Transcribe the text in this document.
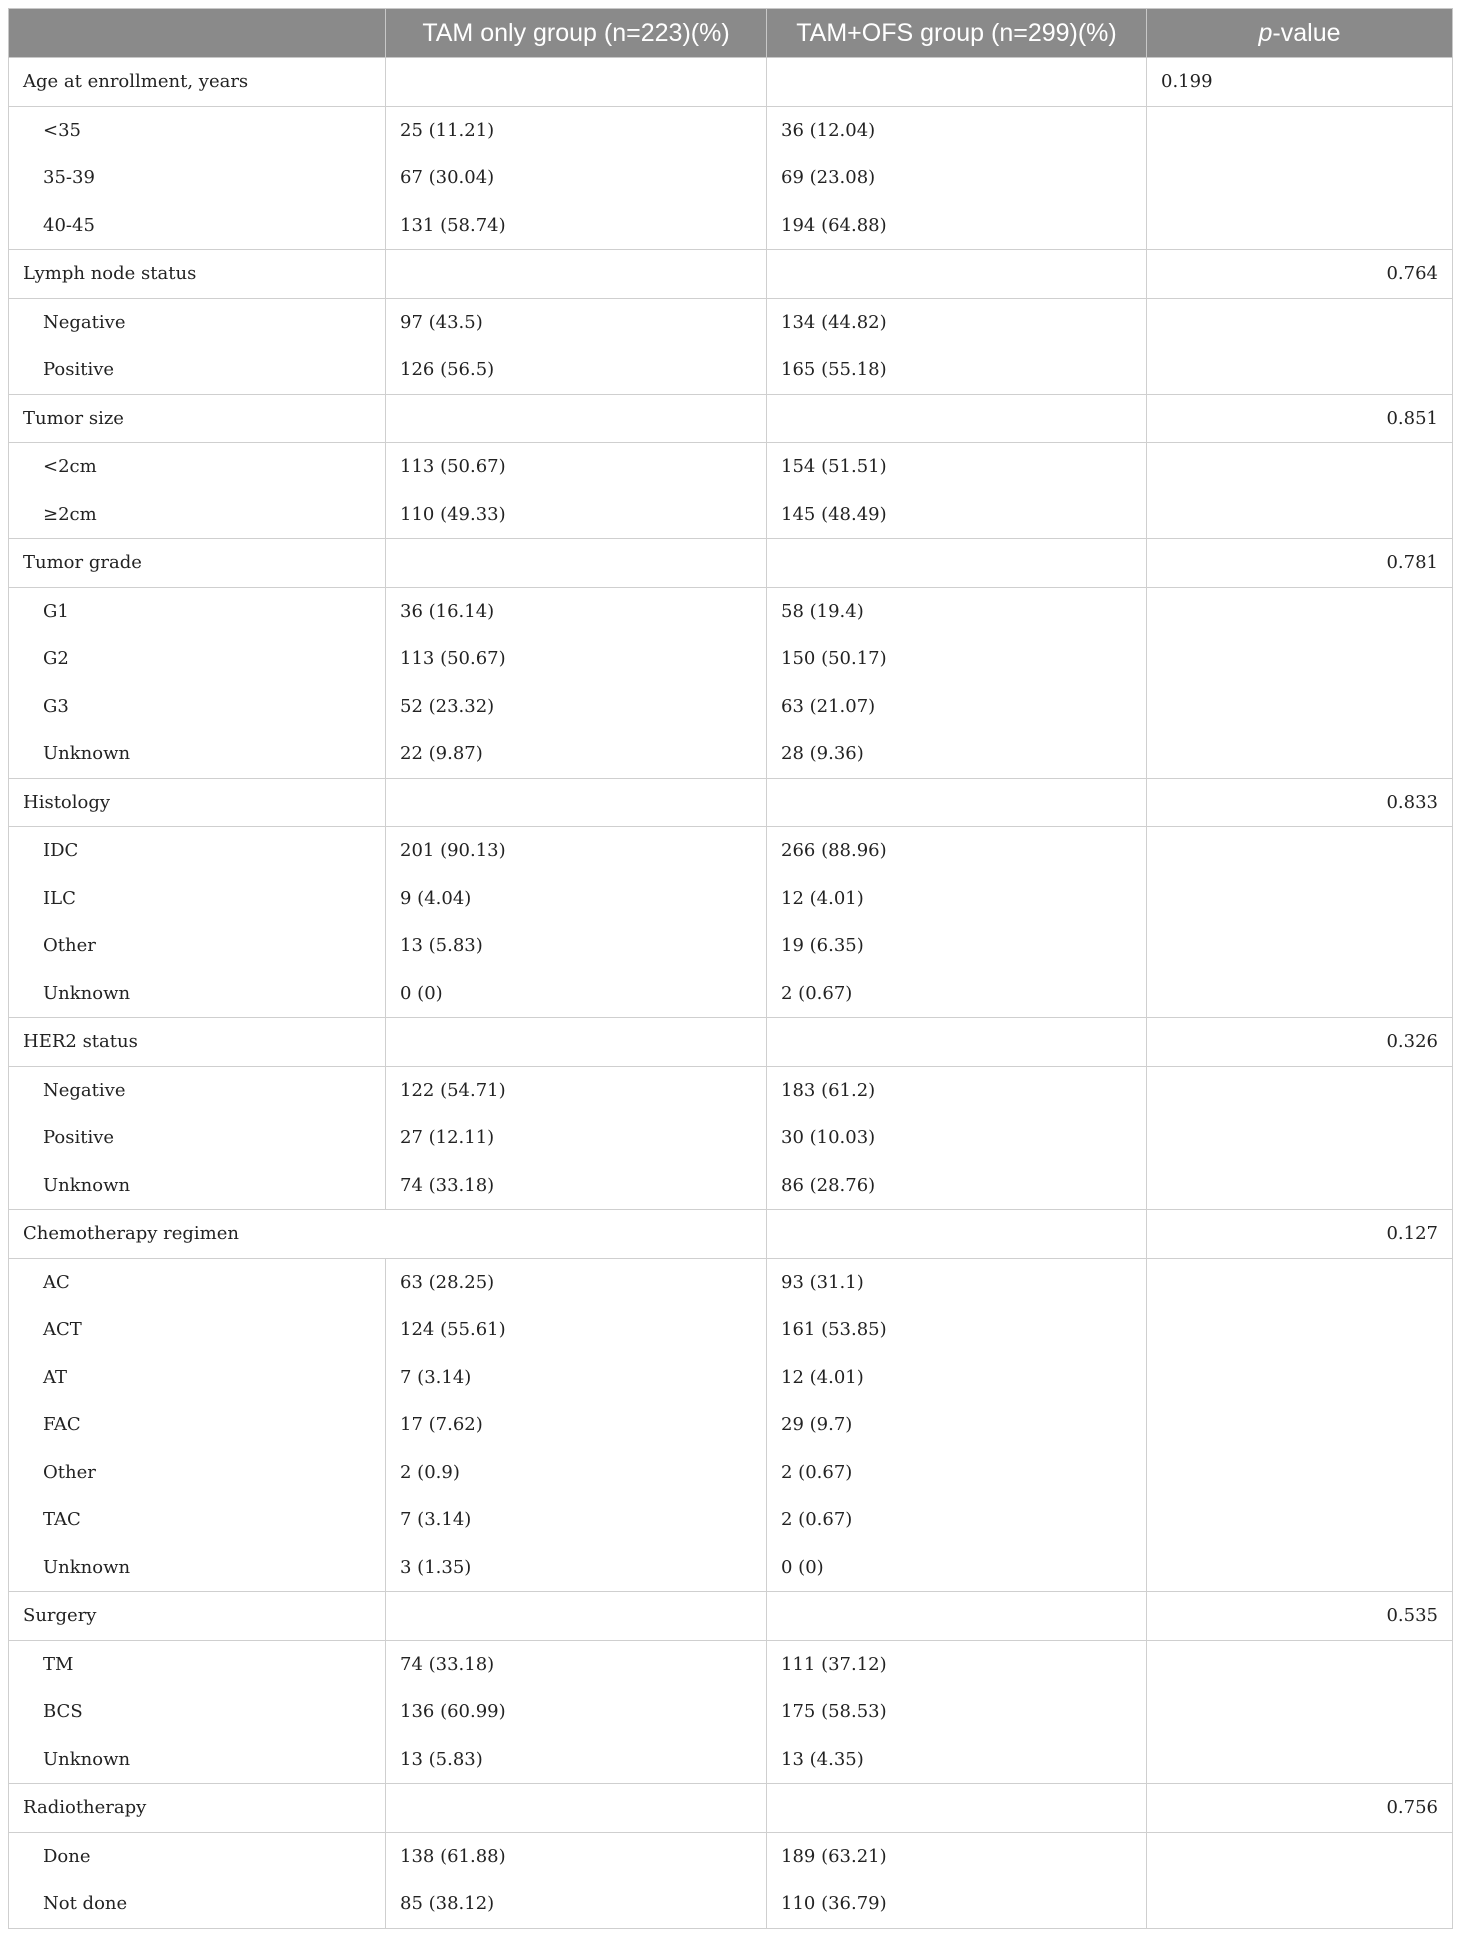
	TAM only group (n=223)(%)	TAM+OFS group (n=299)(%)	p-value
Age at enrollment, years			0.199
<35	25 (11.21)	36 (12.04)	
35-39	67 (30.04)	69 (23.08)	
40-45	131 (58.74)	194 (64.88)	
Lymph node status			0.764
Negative	97 (43.5)	134 (44.82)	
Positive	126 (56.5)	165 (55.18)	
Tumor size			0.851
<2cm	113 (50.67)	154 (51.51)	
≥2cm	110 (49.33)	145 (48.49)	
Tumor grade			0.781
G1	36 (16.14)	58 (19.4)	
G2	113 (50.67)	150 (50.17)	
G3	52 (23.32)	63 (21.07)	
Unknown	22 (9.87)	28 (9.36)	
Histology			0.833
IDC	201 (90.13)	266 (88.96)	
ILC	9 (4.04)	12 (4.01)	
Other	13 (5.83)	19 (6.35)	
Unknown	0 (0)	2 (0.67)	
HER2 status			0.326
Negative	122 (54.71)	183 (61.2)	
Positive	27 (12.11)	30 (10.03)	
Unknown	74 (33.18)	86 (28.76)	
Chemotherapy regimen			0.127
AC	63 (28.25)	93 (31.1)	
ACT	124 (55.61)	161 (53.85)	
AT	7 (3.14)	12 (4.01)	
FAC	17 (7.62)	29 (9.7)	
Other	2 (0.9)	2 (0.67)	
TAC	7 (3.14)	2 (0.67)	
Unknown	3 (1.35)	0 (0)	
Surgery			0.535
TM	74 (33.18)	111 (37.12)	
BCS	136 (60.99)	175 (58.53)	
Unknown	13 (5.83)	13 (4.35)	
Radiotherapy			0.756
Done	138 (61.88)	189 (63.21)	
Not done	85 (38.12)	110 (36.79)	
